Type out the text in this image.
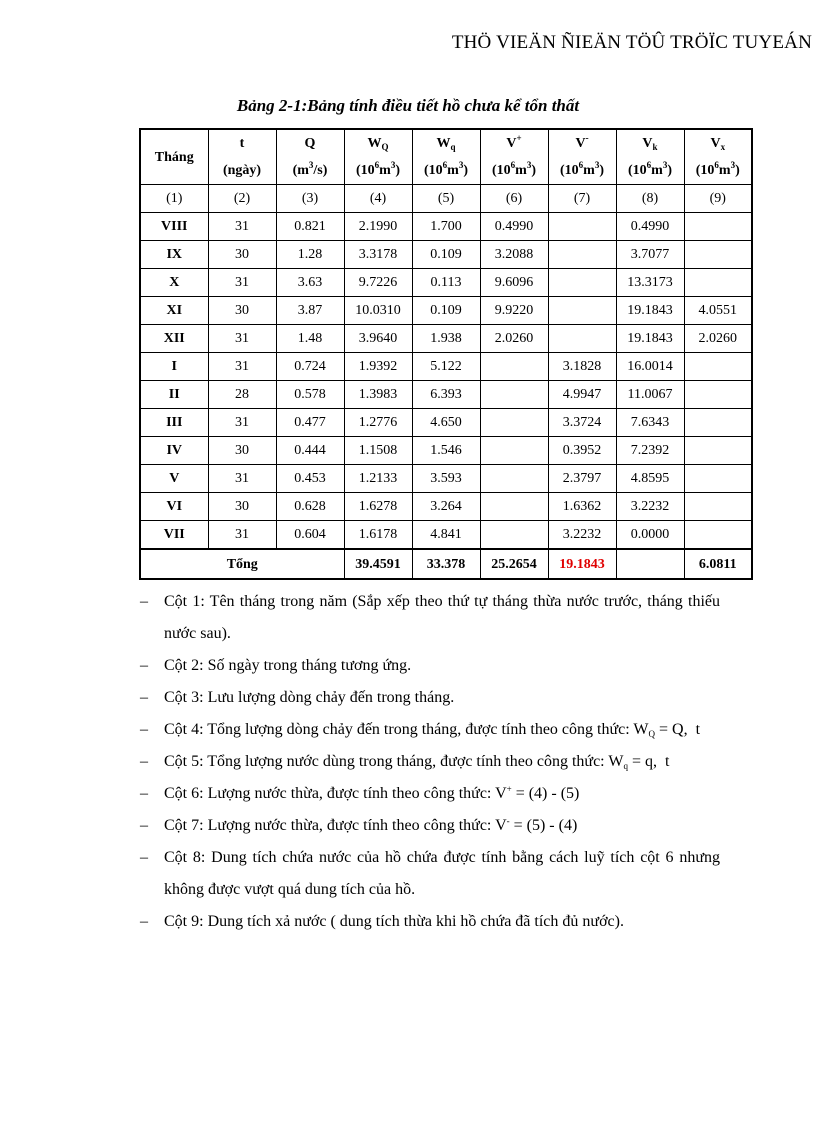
THÖ VIEÄN ÑIEÄN TÖÛ TRÖÏC TUYEÁN
Bảng 2-1:Bảng tính điều tiết hồ chưa kể tổn thất
Tháng	t	Q	$W_Q$	$W_q$	V+	V-	$V_k$	$V_x$
	(ngày)	$(m^3/s)$	$(10^6m^3)$	$(10^6m^3)$	$(10^6m^3)$	$(10^6m^3)$	$(10^6m^3)$	$(10^6m^3)$
(1)	(2)	(3)	(4)	(5)	(6)	(7)	(8)	(9)
VIII	31	0.821	2.1990	1.700	0.4990		0.4990	
IX	30	1.28	3.3178	0.109	3.2088		3.7077	
X	31	3.63	9.7226	0.113	9.6096		13.3173	
XI	30	3.87	10.0310	0.109	9.9220		19.1843	4.0551
XII	31	1.48	3.9640	1.938	2.0260		19.1843	2.0260
I	31	0.724	1.9392	5.122		3.1828	16.0014	
II	28	0.578	1.3983	6.393		4.9947	11.0067	
III	31	0.477	1.2776	4.650		3.3724	7.6343	
IV	30	0.444	1.1508	1.546		0.3952	7.2392	
V	31	0.453	1.2133	3.593		2.3797	4.8595	
VI	30	0.628	1.6278	3.264		1.6362	3.2232	
VII	31	0.604	1.6178	4.841		3.2232	0.0000	
Tổng			39.4591	33.378	25.2654	19.1843		6.0811
– Cột 1: Tên tháng trong năm (Sắp xếp theo thứ tự tháng thừa nước trước, tháng thiếu nước sau).
– Cột 2: Số ngày trong tháng tương ứng.
– Cột 3: Lưu lượng dòng chảy đến trong tháng.
– Cột 4: Tổng lượng dòng chảy đến trong tháng, được tính theo công thức: $W_Q = Q$,  t
– Cột 5: Tổng lượng nước dùng trong tháng, được tính theo công thức: $W_q = q$,  t
– Cột 6: Lượng nước thừa, được tính theo công thức: V+ = (4) - (5)
– Cột 7: Lượng nước thừa, được tính theo công thức: V- = (5) - (4)
– Cột 8: Dung tích chứa nước của hồ chứa được tính bằng cách luỹ tích cột 6 nhưng không được vượt quá dung tích của hồ.
– Cột 9: Dung tích xả nước ( dung tích thừa khi hồ chứa đã tích đủ nước).
